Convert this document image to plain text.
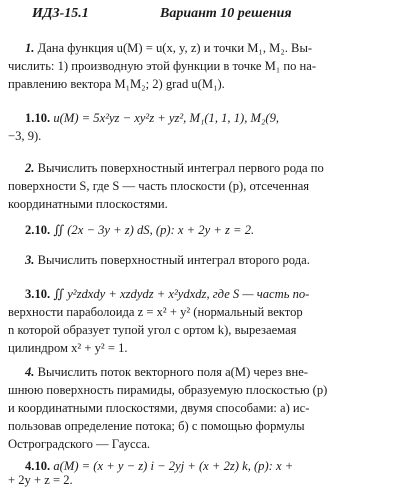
ИДЗ-15.1	Вариант 10 решения
1. Дана функция u(M) = u(x, y, z) и точки M₁, M₂. Вы-
числить: 1) производную этой функции в точке M₁ по на-
правлению вектора M₁M₂; 2) grad u(M₁).
1.10. u(M) = 5x²yz − xy²z + yz², M₁(1, 1, 1), M₂(9,
−3, 9).
2. Вычислить поверхностный интеграл первого рода по
поверхности S, где S — часть плоскости (p), отсеченная
координатными плоскостями.
2.10. ∬ (2x − 3y + z) dS, (p): x + 2y + z = 2.
3. Вычислить поверхностный интеграл второго рода.
3.10. ∬ y²zdxdy + xzdydz + x²ydxdz, где S — часть по-
верхности параболоида z = x² + y² (нормальный вектор
n которой образует тупой угол с ортом k), вырезаемая
цилиндром x² + y² = 1.
4. Вычислить поток векторного поля a(M) через вне-
шнюю поверхность пирамиды, образуемую плоскостью (p)
и координатными плоскостями, двумя способами: а) ис-
пользовав определение потока; б) с помощью формулы
Остроградского — Гаусса.
4.10. a(M) = (x + y − z) i − 2yj + (x + 2z) k, (p): x +
+ 2y + z = 2.
